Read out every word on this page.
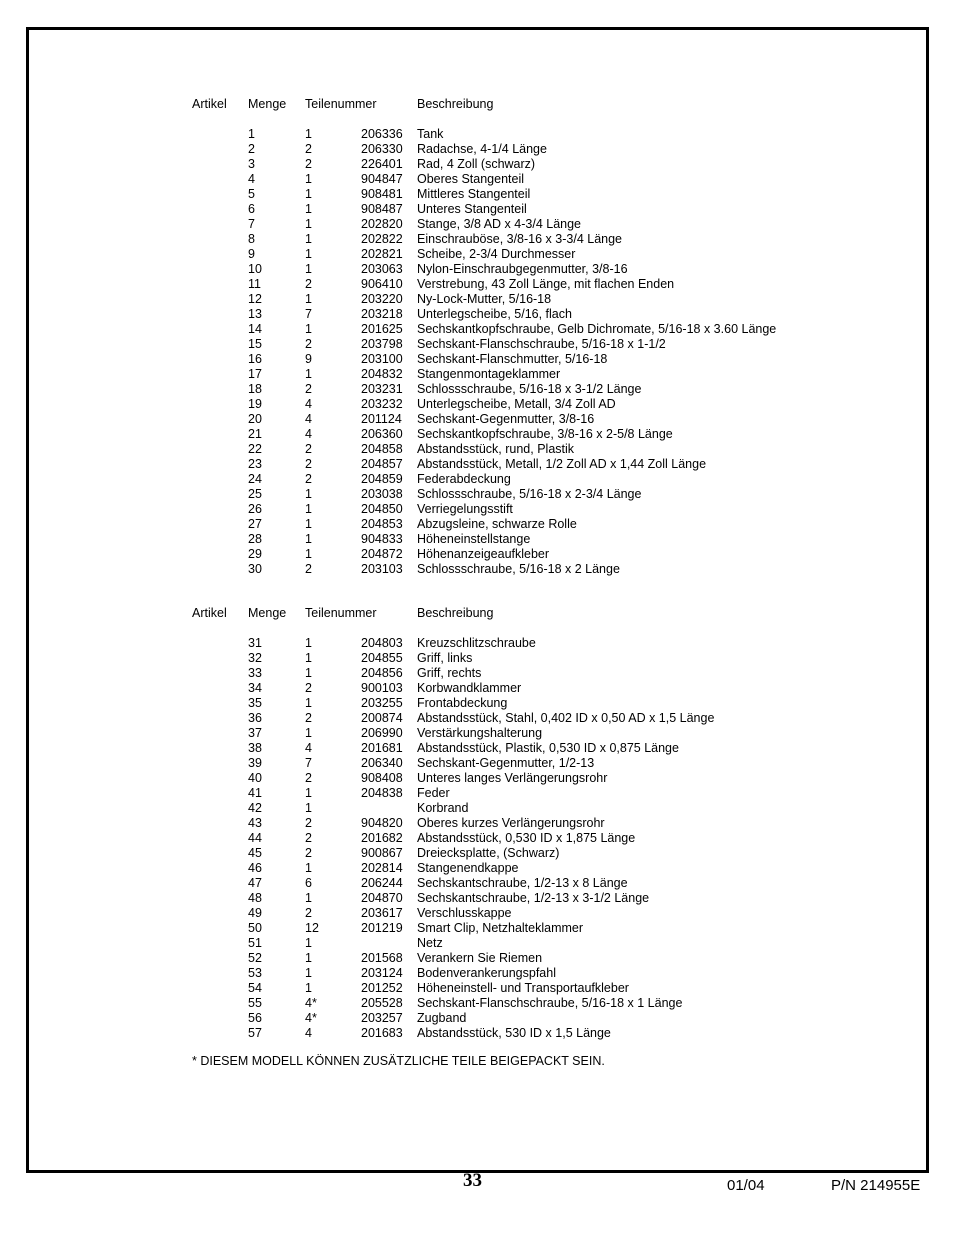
Artikel Menge Teilenummer	Beschreibung
1	1	206336 Tank
2	2	206330 Radachse, 4-1/4 Länge
3	2	226401 Rad, 4 Zoll (schwarz)
4	1	904847 Oberes Stangenteil
5	1	908481 Mittleres Stangenteil
6	1	908487 Unteres Stangenteil
7	1	202820 Stange, 3/8 AD x 4-3/4 Länge
8	1	202822 Einschrauböse, 3/8-16 x 3-3/4 Länge
9	1	202821 Scheibe, 2-3/4 Durchmesser
10	1	203063 Nylon-Einschraubgegenmutter, 3/8-16
11	2	906410 Verstrebung, 43 Zoll Länge, mit flachen Enden
12	1	203220 Ny-Lock-Mutter, 5/16-18
13	7	203218 Unterlegscheibe, 5/16, flach
14	1	201625 Sechskantkopfschraube, Gelb Dichromate, 5/16-18 x 3.60 Länge
15	2	203798 Sechskant-Flanschschraube, 5/16-18 x 1-1/2
16	9	203100 Sechskant-Flanschmutter, 5/16-18
17	1	204832 Stangenmontageklammer
18	2	203231 Schlossschraube, 5/16-18 x 3-1/2 Länge
19	4	203232 Unterlegscheibe, Metall, 3/4 Zoll AD
20	4	201124 Sechskant-Gegenmutter, 3/8-16
21	4	206360 Sechskantkopfschraube, 3/8-16 x 2-5/8 Länge
22	2	204858 Abstandsstück, rund, Plastik
23	2	204857 Abstandsstück, Metall, 1/2 Zoll AD x 1,44 Zoll Länge
24	2	204859 Federabdeckung
25	1	203038 Schlossschraube, 5/16-18 x 2-3/4 Länge
26	1	204850 Verriegelungsstift
27	1	204853 Abzugsleine, schwarze Rolle
28	1	904833 Höheneinstellstange
29	1	204872 Höhenanzeigeaufkleber
30	2	203103 Schlossschraube, 5/16-18 x 2 Länge
Artikel Menge Teilenummer	Beschreibung
31	1	204803 Kreuzschlitzschraube
32	1	204855 Griff, links
33	1	204856 Griff, rechts
34	2	900103 Korbwandklammer
35	1	203255 Frontabdeckung
36	2	200874 Abstandsstück, Stahl, 0,402 ID x 0,50 AD x 1,5 Länge
37	1	206990 Verstärkungshalterung
38	4	201681 Abstandsstück, Plastik, 0,530 ID x 0,875 Länge
39	7	206340 Sechskant-Gegenmutter, 1/2-13
40	2	908408 Unteres langes Verlängerungsrohr
41	1	204838 Feder
42	1	Korbrand
43	2	904820 Oberes kurzes Verlängerungsrohr
44	2	201682 Abstandsstück, 0,530 ID x 1,875 Länge
45	2	900867 Dreiecksplatte, (Schwarz)
46	1	202814 Stangenendkappe
47	6	206244 Sechskantschraube, 1/2-13 x 8 Länge
48	1	204870 Sechskantschraube, 1/2-13 x 3-1/2 Länge
49	2	203617 Verschlusskappe
50	12	201219 Smart Clip, Netzhalteklammer
51	1	Netz
52	1	201568 Verankern Sie Riemen
53	1	203124 Bodenverankerungspfahl
54	1	201252 Höheneinstell- und Transportaufkleber
55	4*	205528 Sechskant-Flanschschraube, 5/16-18 x 1 Länge
56	4*	203257 Zugband
57	4	201683 Abstandsstück, 530 ID x 1,5 Länge
* DIESEM MODELL KÖNNEN ZUSÄTZLICHE TEILE BEIGEPACKT SEIN.
33	01/04	P/N 214955E
